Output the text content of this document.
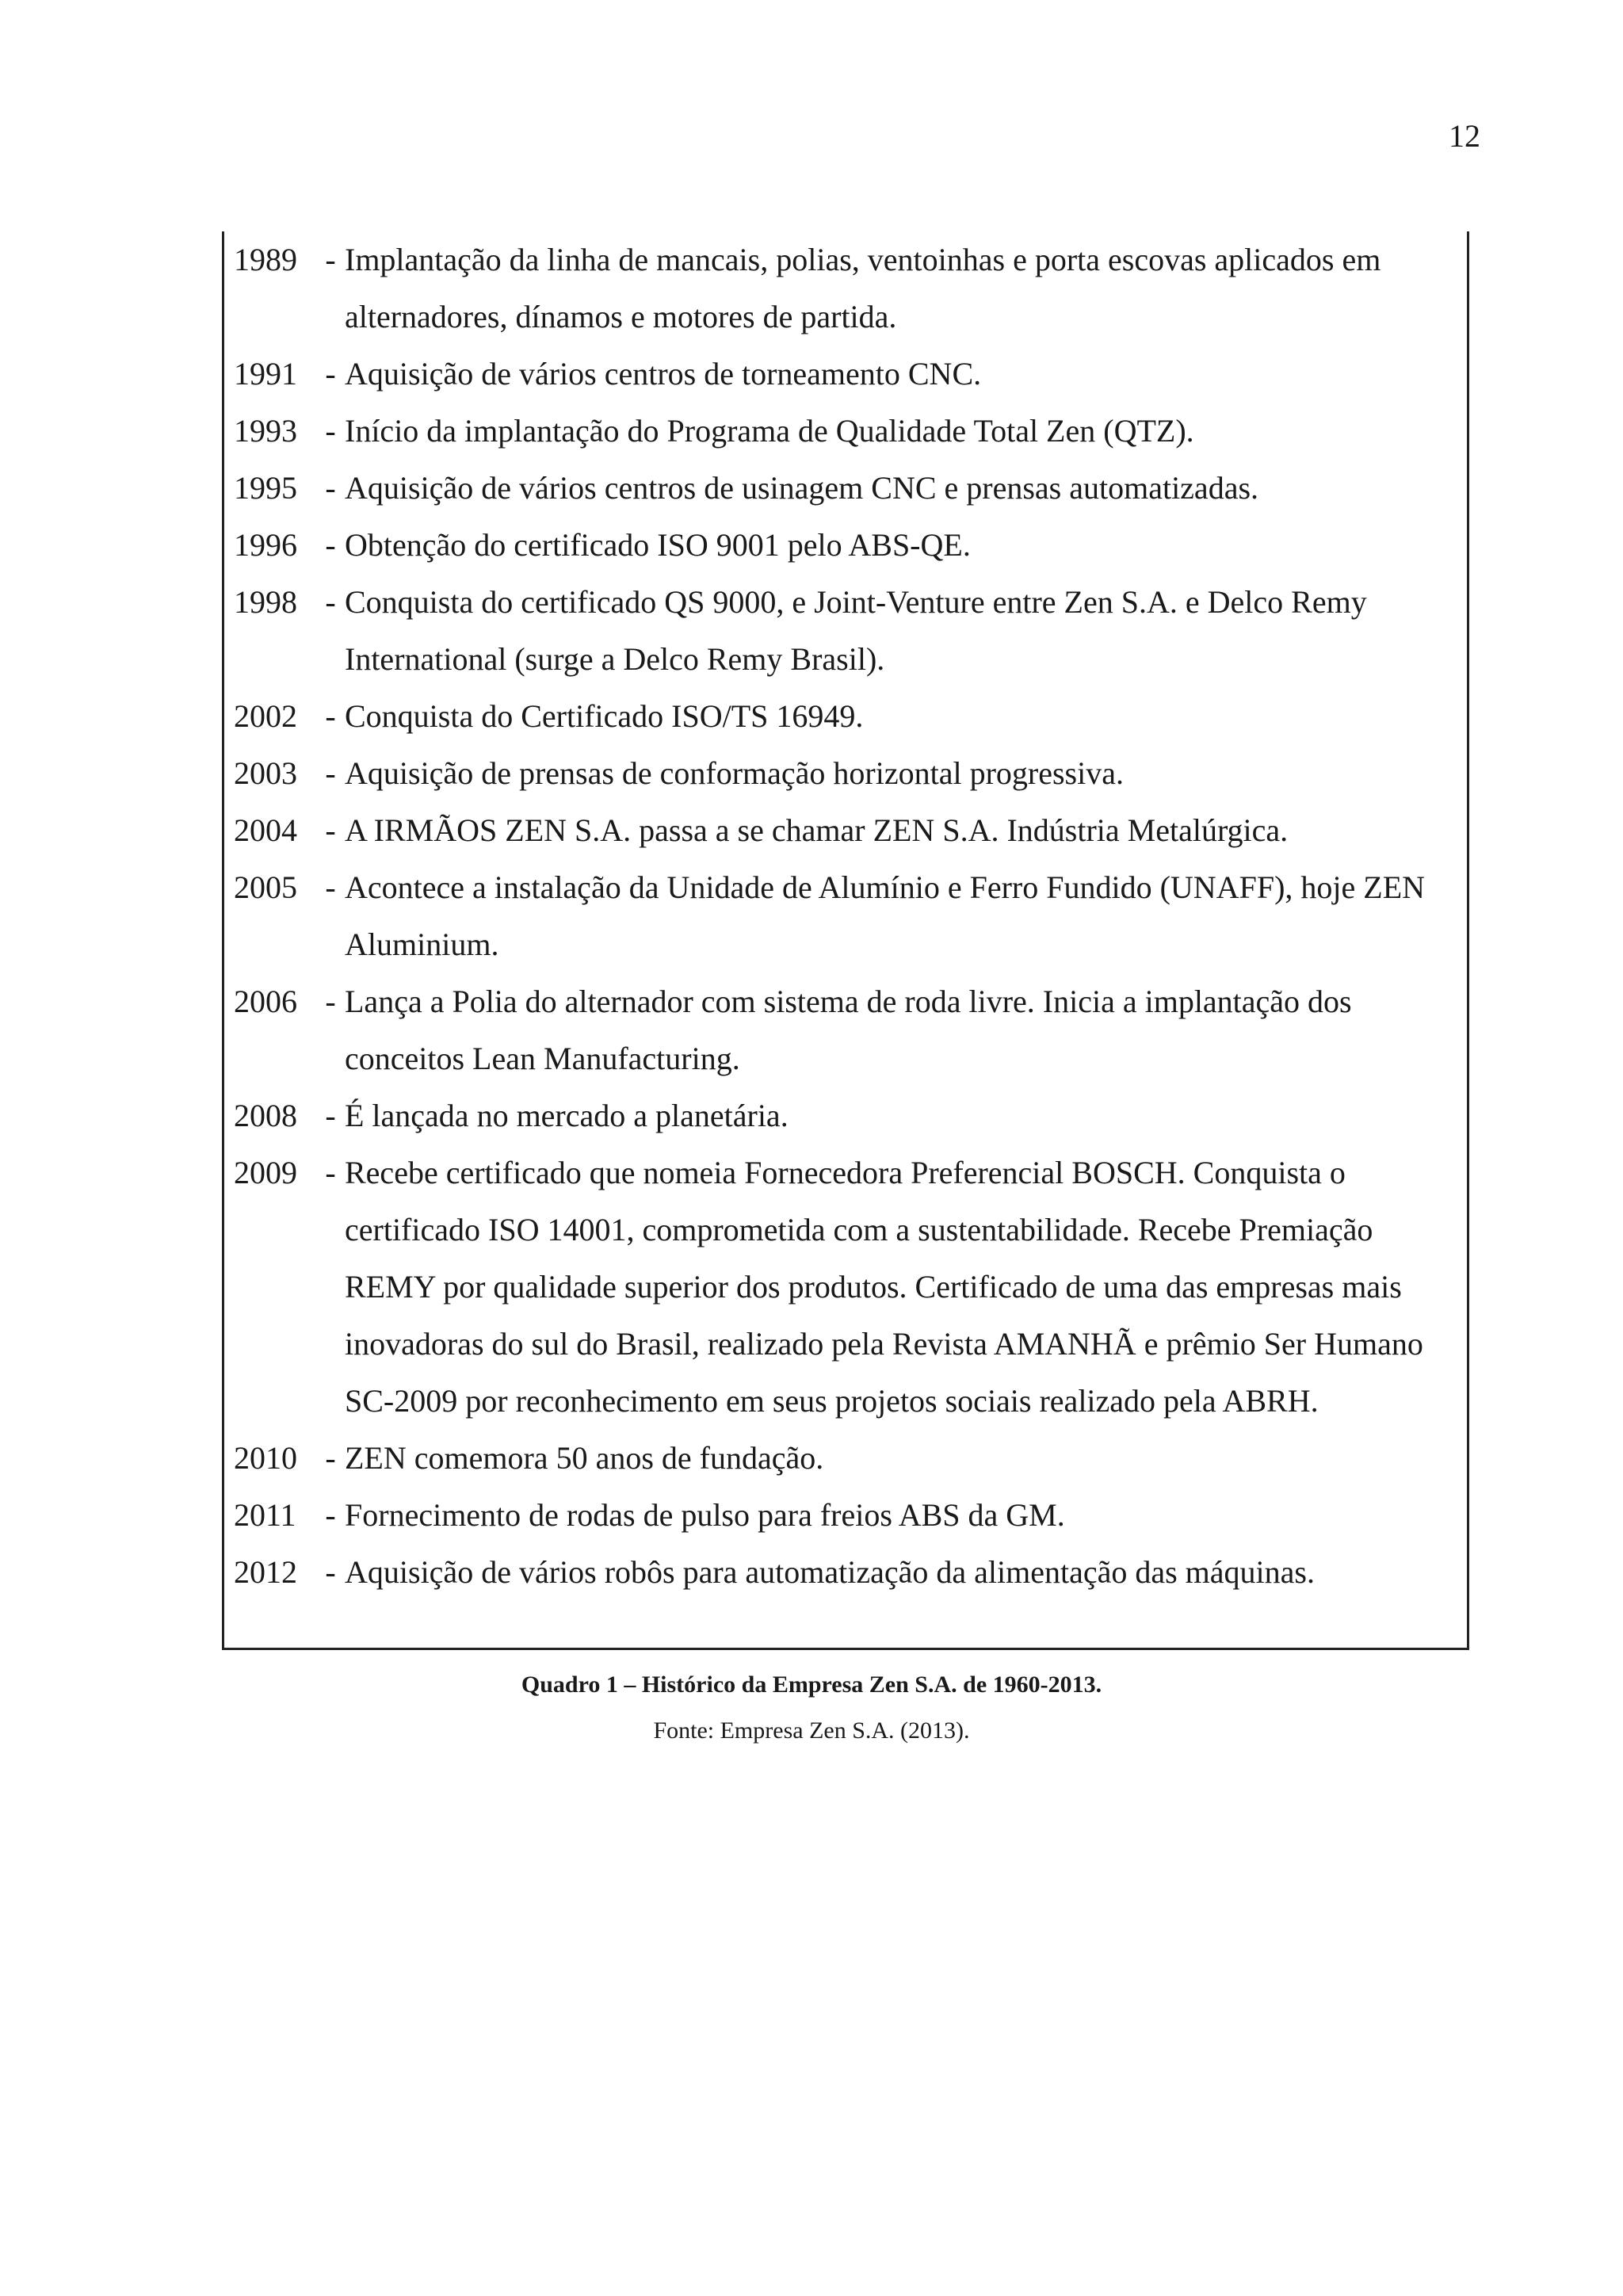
12
1989 - Implantação da linha de mancais, polias, ventoinhas e porta escovas aplicados em alternadores, dínamos e motores de partida.
1991 - Aquisição de vários centros de torneamento CNC.
1993 - Início da implantação do Programa de Qualidade Total Zen (QTZ).
1995 - Aquisição de vários centros de usinagem CNC e prensas automatizadas.
1996 - Obtenção do certificado ISO 9001 pelo ABS-QE.
1998 - Conquista do certificado QS 9000, e Joint-Venture entre Zen S.A. e Delco Remy International (surge a Delco Remy Brasil).
2002 - Conquista do Certificado ISO/TS 16949.
2003 - Aquisição de prensas de conformação horizontal progressiva.
2004 - A IRMÃOS ZEN S.A. passa a se chamar ZEN S.A. Indústria Metalúrgica.
2005 - Acontece a instalação da Unidade de Alumínio e Ferro Fundido (UNAFF), hoje ZEN Aluminium.
2006 - Lança a Polia do alternador com sistema de roda livre. Inicia a implantação dos conceitos Lean Manufacturing.
2008 - É lançada no mercado a planetária.
2009 - Recebe certificado que nomeia Fornecedora Preferencial BOSCH. Conquista o certificado ISO 14001, comprometida com a sustentabilidade. Recebe Premiação REMY por qualidade superior dos produtos. Certificado de uma das empresas mais inovadoras do sul do Brasil, realizado pela Revista AMANHÃ e prêmio Ser Humano SC-2009 por reconhecimento em seus projetos sociais realizado pela ABRH.
2010 - ZEN comemora 50 anos de fundação.
2011 - Fornecimento de rodas de pulso para freios ABS da GM.
2012 - Aquisição de vários robôs para automatização da alimentação das máquinas.
Quadro 1 – Histórico da Empresa Zen S.A. de 1960-2013.
Fonte: Empresa Zen S.A. (2013).
